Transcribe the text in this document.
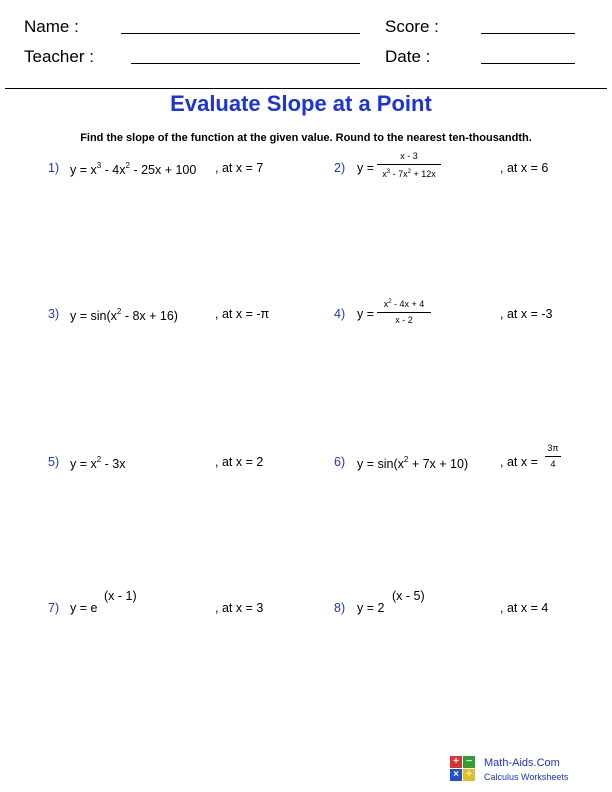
Name :	Score :
Teacher :	Date :
Evaluate Slope at a Point
Find the slope of the function at the given value. Round to the nearest ten-thousandth.
1) $y = x^3 - 4x^2 - 25x + 100$ , at x = 7	2) y =
x - 3
$x^3 - 7x^2 + 12x$	, at x = 6
3) $y = \sin(x^2 - 8x + 16)$	, at x = -π	4) y =
$x^2 - 4x + 4$
x - 2	, at x = -3
5) $y = x^2 - 3x$	, at x = 2	6) $y = \sin(x^2 + 7x + 10)$	, at x =
3π
4
7) y = e
(x - 1)
, at x = 3	8) y = 2
(x - 5)
, at x = 4
+ −
× ÷
Math-Aids.Com
Calculus Worksheets
